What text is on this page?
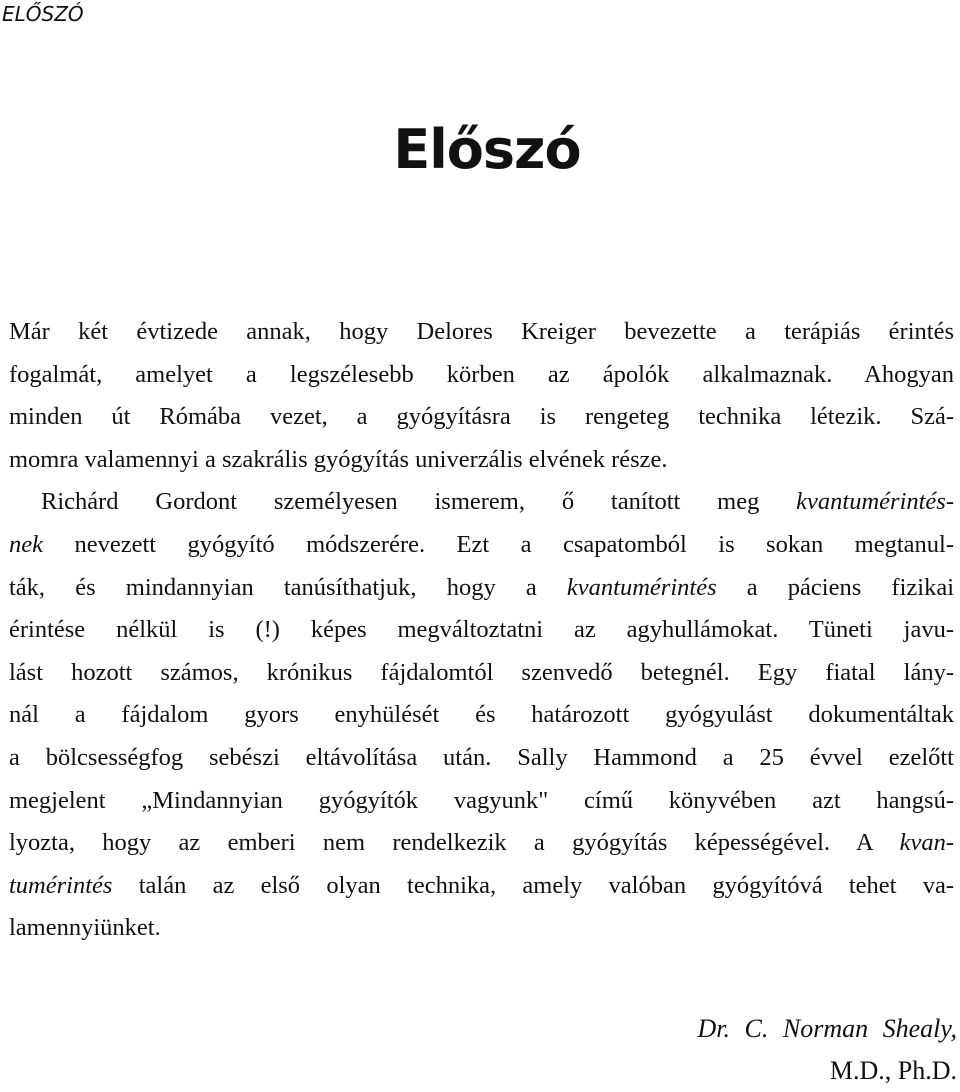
ELŐSZÓ
Előszó
Már két évtizede annak, hogy Delores Kreiger bevezette a terápiás érintés
fogalmát, amelyet a legszélesebb körben az ápolók alkalmaznak. Ahogyan
minden út Rómába vezet, a gyógyításra is rengeteg technika létezik. Szá-
momra valamennyi a szakrális gyógyítás univerzális elvének része.
Richárd Gordont személyesen ismerem, ő tanított meg kvantumérintés-
nek nevezett gyógyító módszerére. Ezt a csapatomból is sokan megtanul-
ták, és mindannyian tanúsíthatjuk, hogy a kvantumérintés a páciens fizikai
érintése nélkül is (!) képes megváltoztatni az agyhullámokat. Tüneti javu-
lást hozott számos, krónikus fájdalomtól szenvedő betegnél. Egy fiatal lány-
nál a fájdalom gyors enyhülését és határozott gyógyulást dokumentáltak
a bölcsességfog sebészi eltávolítása után. Sally Hammond a 25 évvel ezelőtt
megjelent „Mindannyian gyógyítók vagyunk" című könyvében azt hangsú-
lyozta, hogy az emberi nem rendelkezik a gyógyítás képességével. A kvan-
tumérintés talán az első olyan technika, amely valóban gyógyítóvá tehet va-
lamennyiünket.
Dr. C. Norman Shealy,
M.D., Ph.D.
